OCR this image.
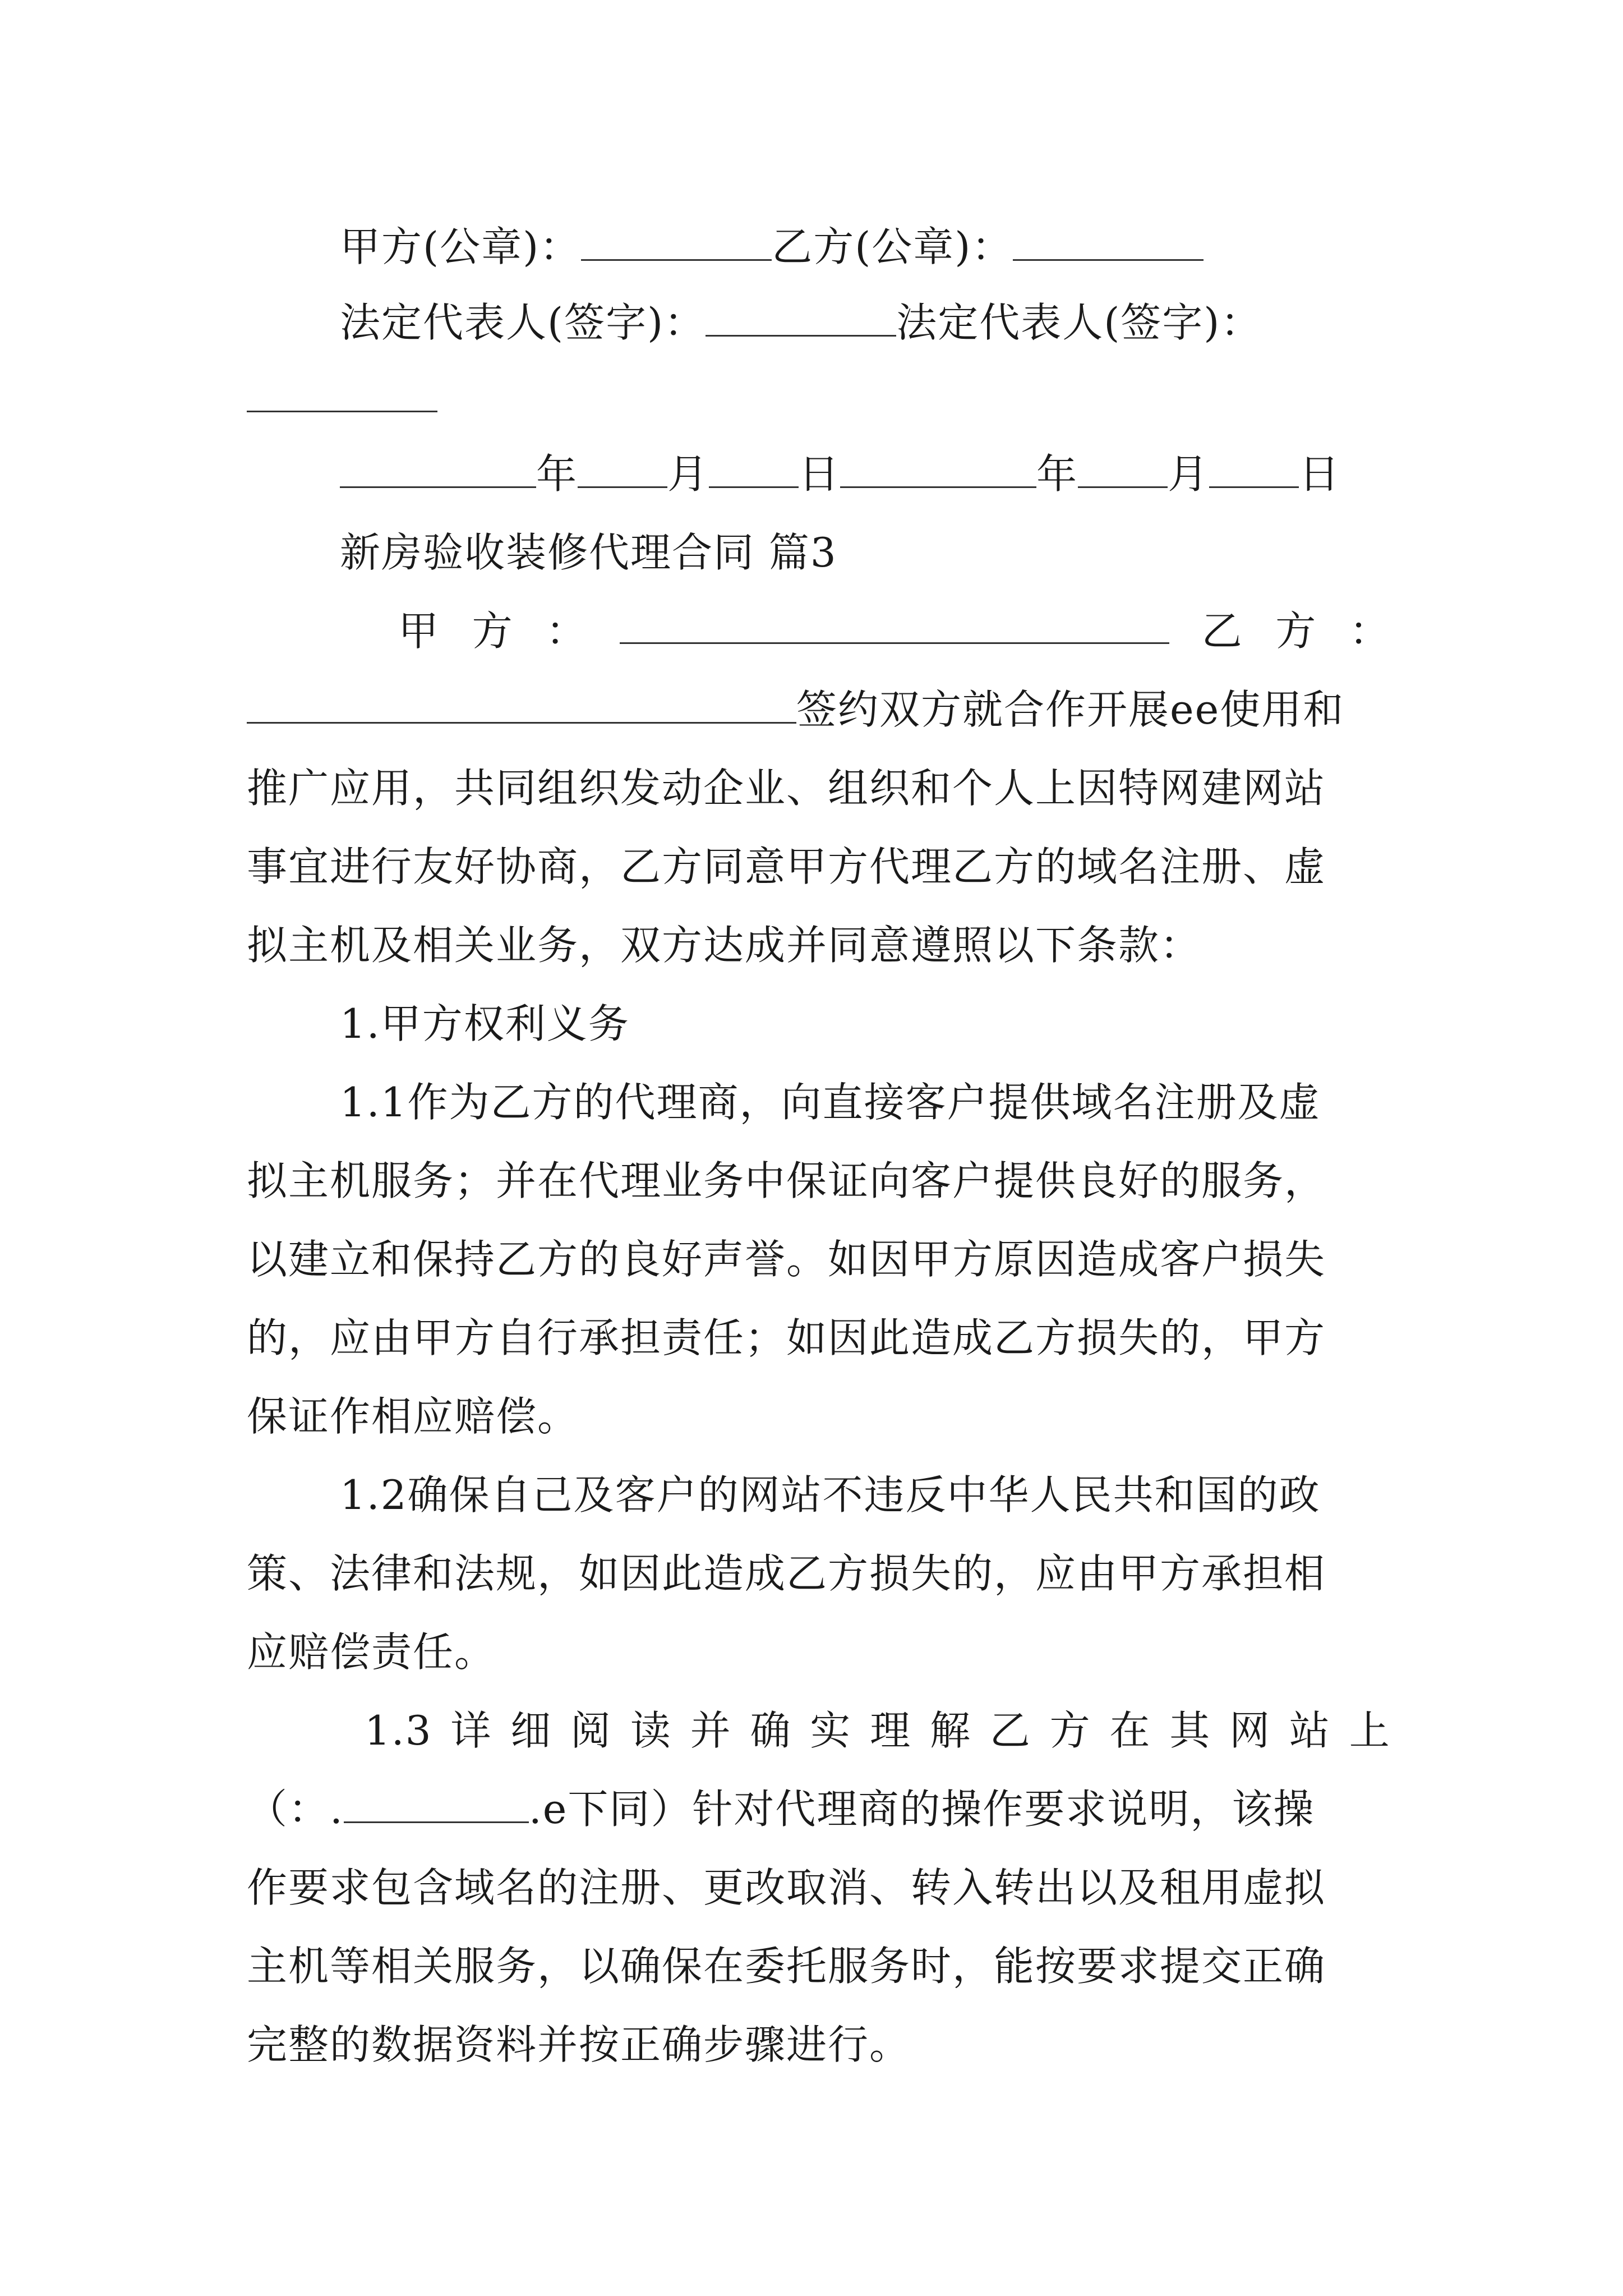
甲方(公章)：	乙方(公章)：
法定代表人(签字)：	法定代表人(签字)：
年 月 日	年 月 日
新房验收装修代理合同 篇3
甲 方 ：	乙 方 ：
签约双方就合作开展ee使用和
推广应用，共同组织发动企业、组织和个人上因特网建网站
事宜进行友好协商，乙方同意甲方代理乙方的域名注册、虚
拟主机及相关业务，双方达成并同意遵照以下条款：
1.甲方权利义务
1.1作为乙方的代理商，向直接客户提供域名注册及虚
拟主机服务；并在代理业务中保证向客户提供良好的服务，
以建立和保持乙方的良好声誉。如因甲方原因造成客户损失
的，应由甲方自行承担责任；如因此造成乙方损失的，甲方
保证作相应赔偿。
1.2确保自己及客户的网站不违反中华人民共和国的政
策、法律和法规，如因此造成乙方损失的，应由甲方承担相
应赔偿责任。
1.3 详 细 阅 读 并 确 实 理 解 乙 方 在 其 网 站 上
（：.	.e下同）针对代理商的操作要求说明，该操
作要求包含域名的注册、更改取消、转入转出以及租用虚拟
主机等相关服务，以确保在委托服务时，能按要求提交正确
完整的数据资料并按正确步骤进行。
